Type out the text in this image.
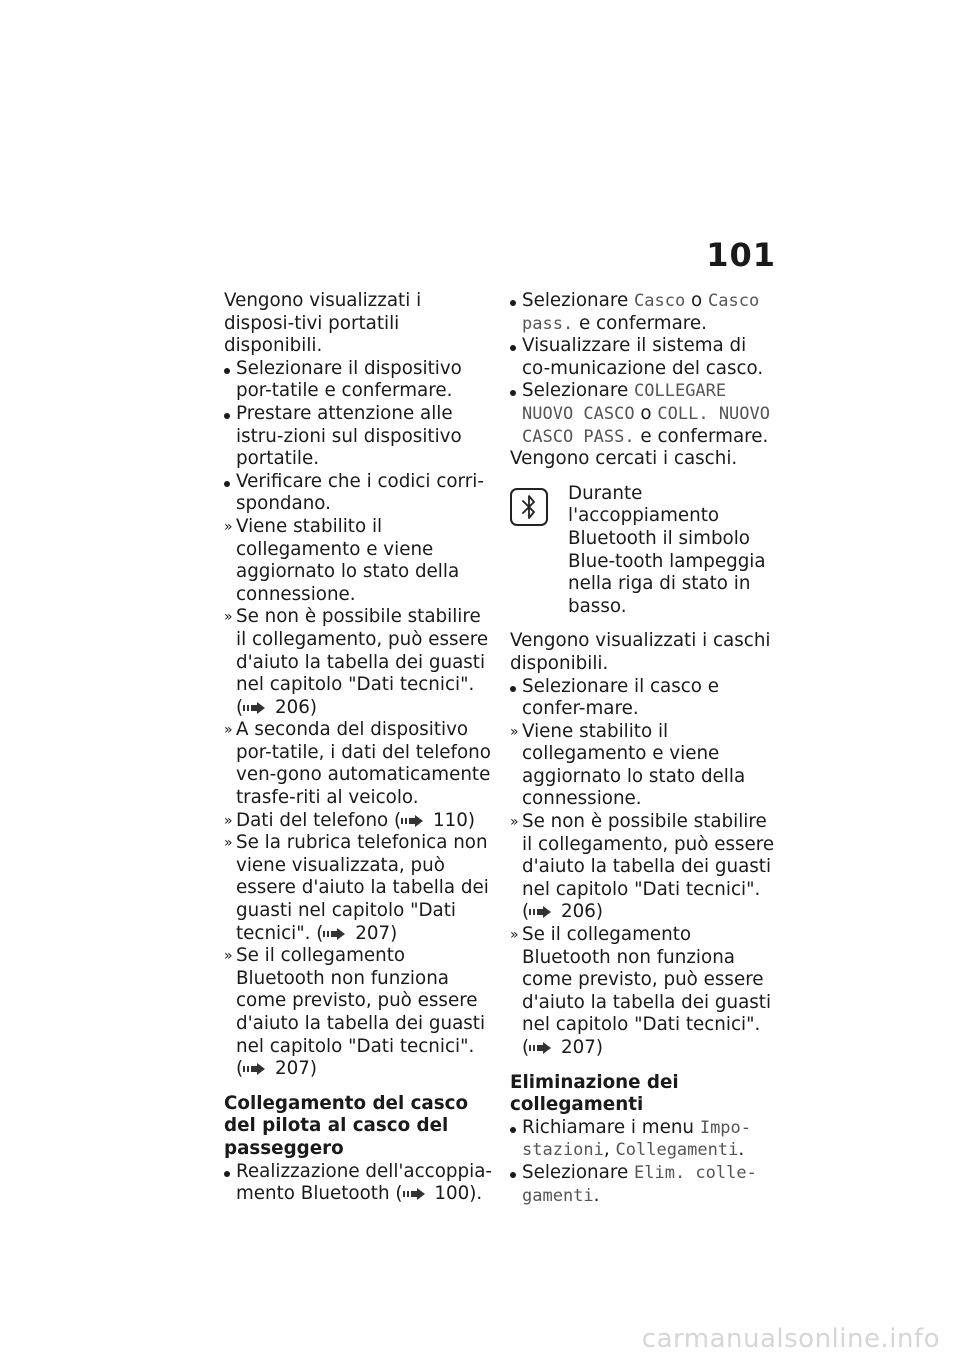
101

Vengono visualizzati i disposi-tivi portatili disponibili.

Selezionare il dispositivo por-tatile e confermare.
Prestare attenzione alle istru-zioni sul dispositivo portatile.
Verificare che i codici corri-spondano.
» Viene stabilito il collegamento e viene aggiornato lo stato della connessione.
» Se non è possibile stabilire il collegamento, può essere d'aiuto la tabella dei guasti nel capitolo "Dati tecnici". ( 206)
» A seconda del dispositivo por-tatile, i dati del telefono ven-gono automaticamente trasfe-riti al veicolo.
» Dati del telefono ( 110)
» Se la rubrica telefonica non viene visualizzata, può essere d'aiuto la tabella dei guasti nel capitolo "Dati tecnici". ( 207)
» Se il collegamento Bluetooth non funziona come previsto, può essere d'aiuto la tabella dei guasti nel capitolo "Dati tecnici". ( 207)

Collegamento del casco del pilota al casco del passeggero

Realizzazione dell'accoppia-mento Bluetooth ( 100).
Selezionare Casco o Casco pass. e confermare.
Visualizzare il sistema di co-municazione del casco.
Selezionare COLLEGARE NUOVO CASCO o COLL. NUOVO CASCO PASS. e confermare.

Vengono cercati i caschi.

Durante l'accoppiamento Bluetooth il simbolo Blue-tooth lampeggia nella riga di stato in basso.

Vengono visualizzati i caschi disponibili.

Selezionare il casco e confer-mare.
» Viene stabilito il collegamento e viene aggiornato lo stato della connessione.
» Se non è possibile stabilire il collegamento, può essere d'aiuto la tabella dei guasti nel capitolo "Dati tecnici". ( 206)
» Se il collegamento Bluetooth non funziona come previsto, può essere d'aiuto la tabella dei guasti nel capitolo "Dati tecnici". ( 207)

Eliminazione dei collegamenti

Richiamare i menu Impo-stazioni, Collegamenti.
Selezionare Elim. colle-gamenti.
carmanualsonline.info
